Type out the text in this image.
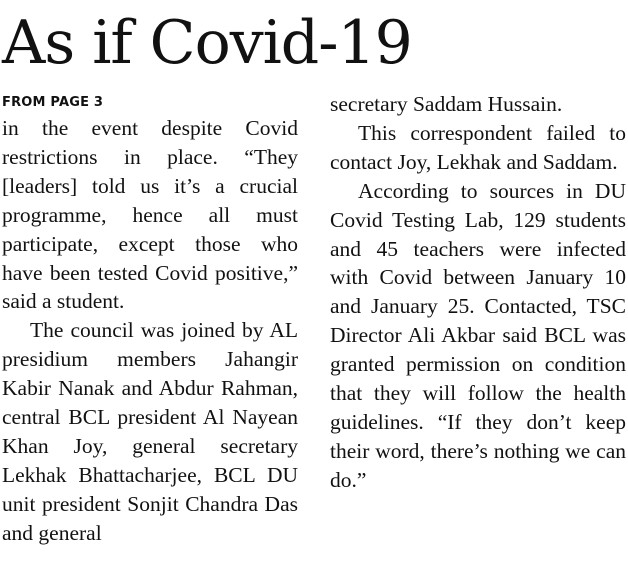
As if Covid-19
FROM PAGE 3

in the event despite Covid restrictions in place. “They [leaders] told us it’s a crucial programme, hence all must participate, except those who have been tested Covid positive,” said a student.

The council was joined by AL presidium members Jahangir Kabir Nanak and Abdur Rahman, central BCL president Al Nayean Khan Joy, general secretary Lekhak Bhattacharjee, BCL DU unit president Sonjit Chandra Das and general

secretary Saddam Hussain.

This correspondent failed to contact Joy, Lekhak and Saddam.

According to sources in DU Covid Testing Lab, 129 students and 45 teachers were infected with Covid between January 10 and January 25. Contacted, TSC Director Ali Akbar said BCL was granted permission on condition that they will follow the health guidelines. “If they don’t keep their word, there’s nothing we can do.”
